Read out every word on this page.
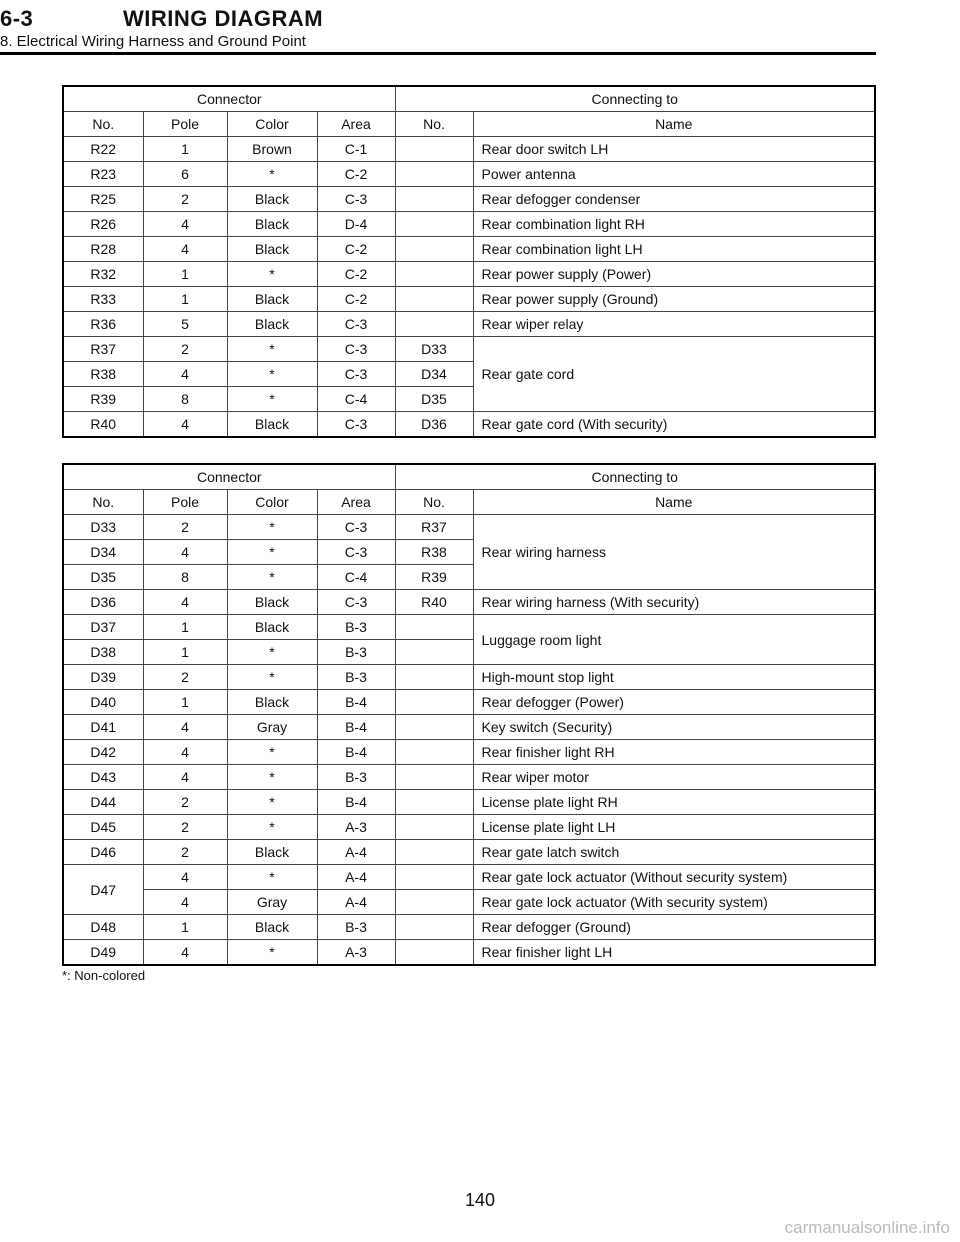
6-3	WIRING DIAGRAM
8. Electrical Wiring Harness and Ground Point
Connector				Connecting to	
No.	Pole	Color	Area	No.	Name
R22	1	Brown	C-1		Rear door switch LH
R23	6	*	C-2		Power antenna
R25	2	Black	C-3		Rear defogger condenser
R26	4	Black	D-4		Rear combination light RH
R28	4	Black	C-2		Rear combination light LH
R32	1	*	C-2		Rear power supply (Power)
R33	1	Black	C-2		Rear power supply (Ground)
R36	5	Black	C-3		Rear wiper relay
R37	2	*	C-3	D33	Rear gate cord
R38	4	*	C-3	D34	
R39	8	*	C-4	D35	
R40	4	Black	C-3	D36	Rear gate cord (With security)
Connector				Connecting to	
No.	Pole	Color	Area	No.	Name
D33	2	*	C-3	R37	Rear wiring harness
D34	4	*	C-3	R38	
D35	8	*	C-4	R39	
D36	4	Black	C-3	R40	Rear wiring harness (With security)
D37	1	Black	B-3		Luggage room light
D38	1	*	B-3		
D39	2	*	B-3		High-mount stop light
D40	1	Black	B-4		Rear defogger (Power)
D41	4	Gray	B-4		Key switch (Security)
D42	4	*	B-4		Rear finisher light RH
D43	4	*	B-3		Rear wiper motor
D44	2	*	B-4		License plate light RH
D45	2	*	A-3		License plate light LH
D46	2	Black	A-4		Rear gate latch switch
D47	4	*	A-4		Rear gate lock actuator (Without security system)
	4	Gray	A-4		Rear gate lock actuator (With security system)
D48	1	Black	B-3		Rear defogger (Ground)
D49	4	*	A-3		Rear finisher light LH
*: Non-colored
140
carmanualsonline.info
